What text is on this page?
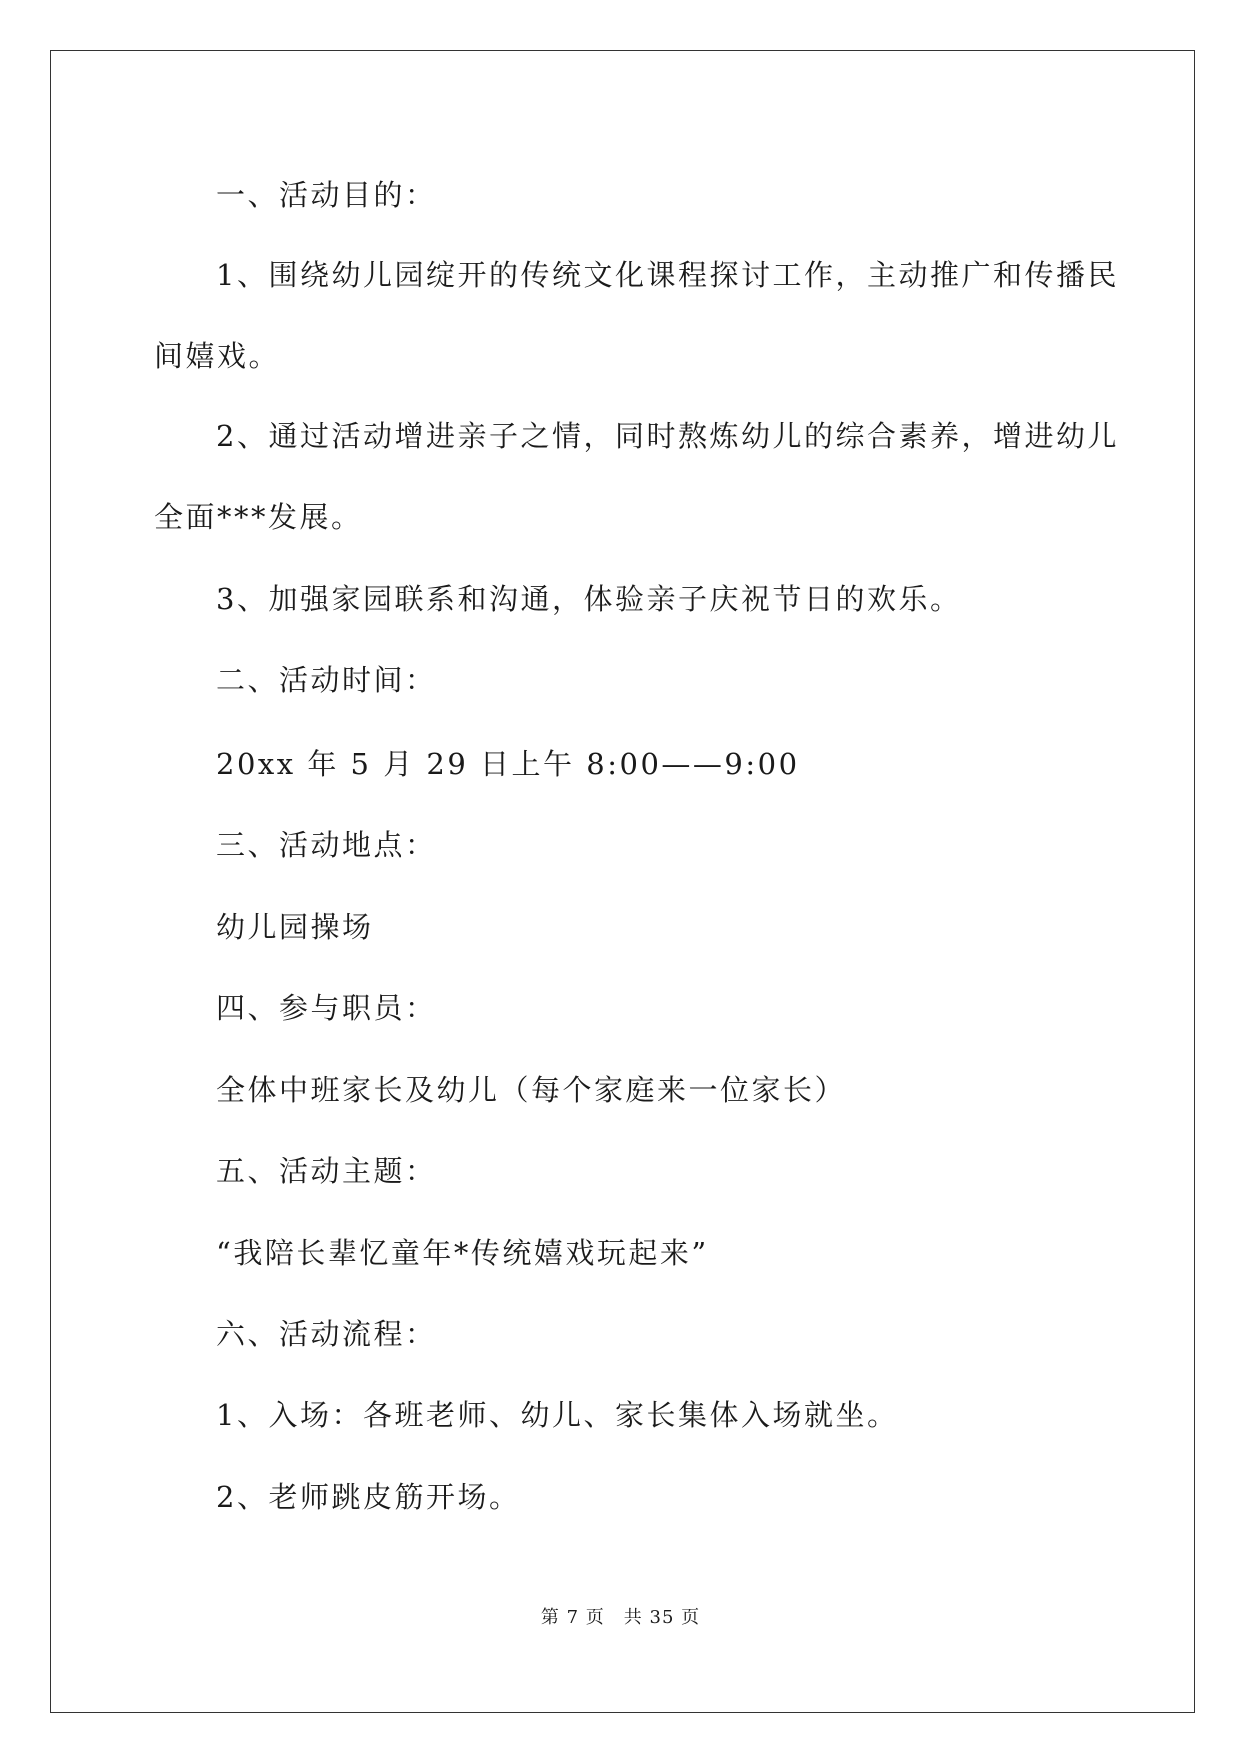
一、活动目的：
1、围绕幼儿园绽开的传统文化课程探讨工作，主动推广和传播民
间嬉戏。
2、通过活动增进亲子之情，同时熬炼幼儿的综合素养，增进幼儿
全面***发展。
3、加强家园联系和沟通，体验亲子庆祝节日的欢乐。
二、活动时间：
20xx 年 5 月 29 日上午 8:00——9:00
三、活动地点：
幼儿园操场
四、参与职员：
全体中班家长及幼儿（每个家庭来一位家长）
五、活动主题：
“我陪长辈忆童年*传统嬉戏玩起来”
六、活动流程：
1、入场：各班老师、幼儿、家长集体入场就坐。
2、老师跳皮筋开场。
第 7 页　共 35 页
